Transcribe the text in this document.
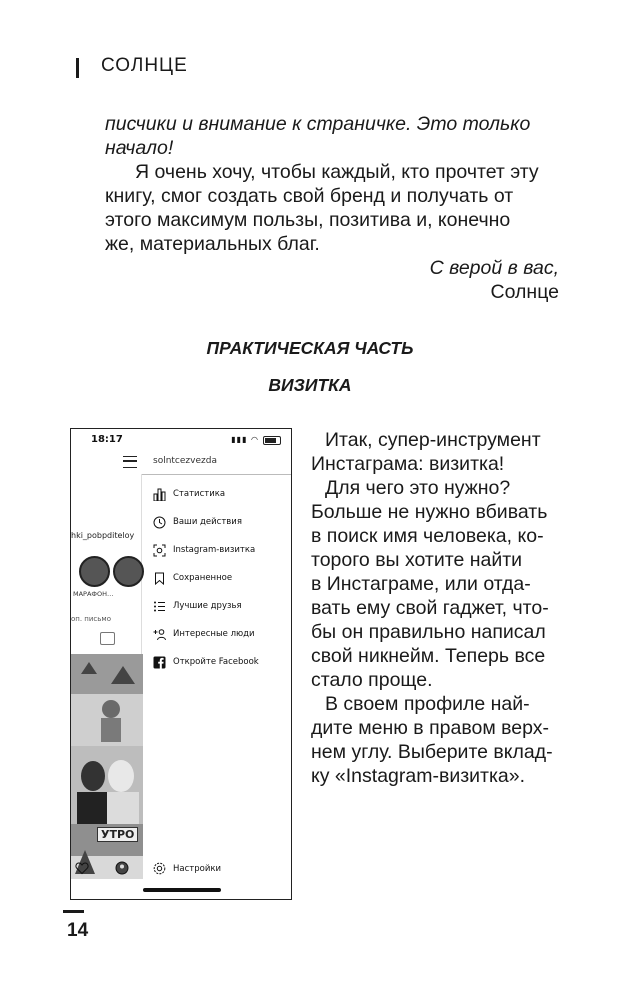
СОЛНЦЕ
писчики и внимание к страничке. Это только
начало!
Я очень хочу, чтобы каждый, кто прочтет эту
книгу, смог создать свой бренд и получать от
этого максимум пользы, позитива и, конечно
же, материальных благ.
С верой в вас,
Солнце
ПРАКТИЧЕСКАЯ ЧАСТЬ
ВИЗИТКА
18:17	▮▮▮ ◠
solntcezvezda
hki_pobpditeloy
МАРАФОН…
оп. письмо
УТРО
Статистика
Ваши действия
Instagram-визитка
Сохраненное
Лучшие друзья
Интересные люди
Откройте Facebook
Настройки
Итак, супер-инструмент
Инстаграма: визитка!
Для чего это нужно?
Больше не нужно вбивать
в поиск имя человека, ко-
торого вы хотите найти
в Инстаграме, или отда-
вать ему свой гаджет, что-
бы он правильно написал
свой никнейм. Теперь все
стало проще.
В своем профиле най-
дите меню в правом верх-
нем углу. Выберите вклад-
ку «Instagram-визитка».
14
